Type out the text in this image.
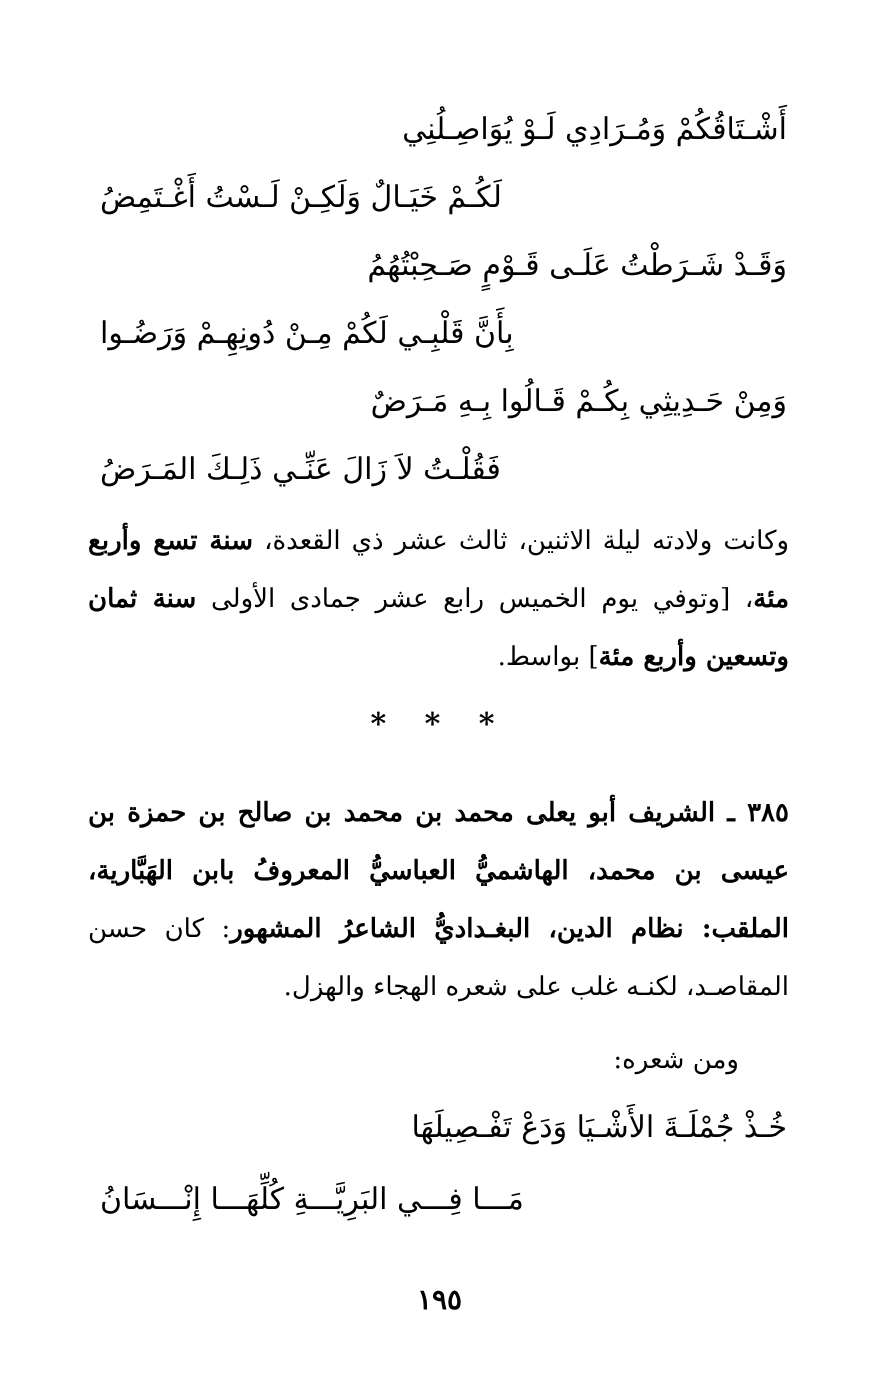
أَشْـتَاقُكُمْ وَمُـرَادِي لَـوْ يُوَاصِـلُنِي
لَكُـمْ خَيَـالٌ وَلَكِـنْ لَـسْتُ أَغْـتَمِضُ
وَقَـدْ شَـرَطْتُ عَلَـى قَـوْمٍ صَـحِبْتُهُمُ
بِأَنَّ قَلْبِـي لَكُمْ مِـنْ دُونِهِـمْ وَرَضُـوا
وَمِنْ حَـدِيثِي بِكُـمْ قَـالُوا بِـهِ مَـرَضٌ
فَقُلْـتُ لاَ زَالَ عَنِّـي ذَلِـكَ المَـرَضُ
وكانت ولادته ليلة الاثنين، ثالث عشر ذي القعدة، سنة تسع وأربع مئة، [وتوفي يوم الخميس رابع عشر جمادى الأولى سنة ثمان وتسعين وأربع مئة] بواسط.
* * *
٣٨٥ ـ الشريف أبو يعلى محمد بن محمد بن صالح بن حمزة بن عيسى بن محمد، الهاشميُّ العباسيُّ المعروفُ بابن الهَبَّارية، الملقب: نظام الدين، البغـداديُّ الشاعرُ المشهور: كان حسن المقاصـد، لكنـه غلب على شعره الهجاء والهزل.
ومن شعره:
خُـذْ جُمْلَـةَ الأَشْـيَا وَدَعْ تَفْـصِيلَهَا
مَـــا فِـــي البَرِيَّـــةِ كُلِّهَـــا إِنْـــسَانُ
١٩٥
